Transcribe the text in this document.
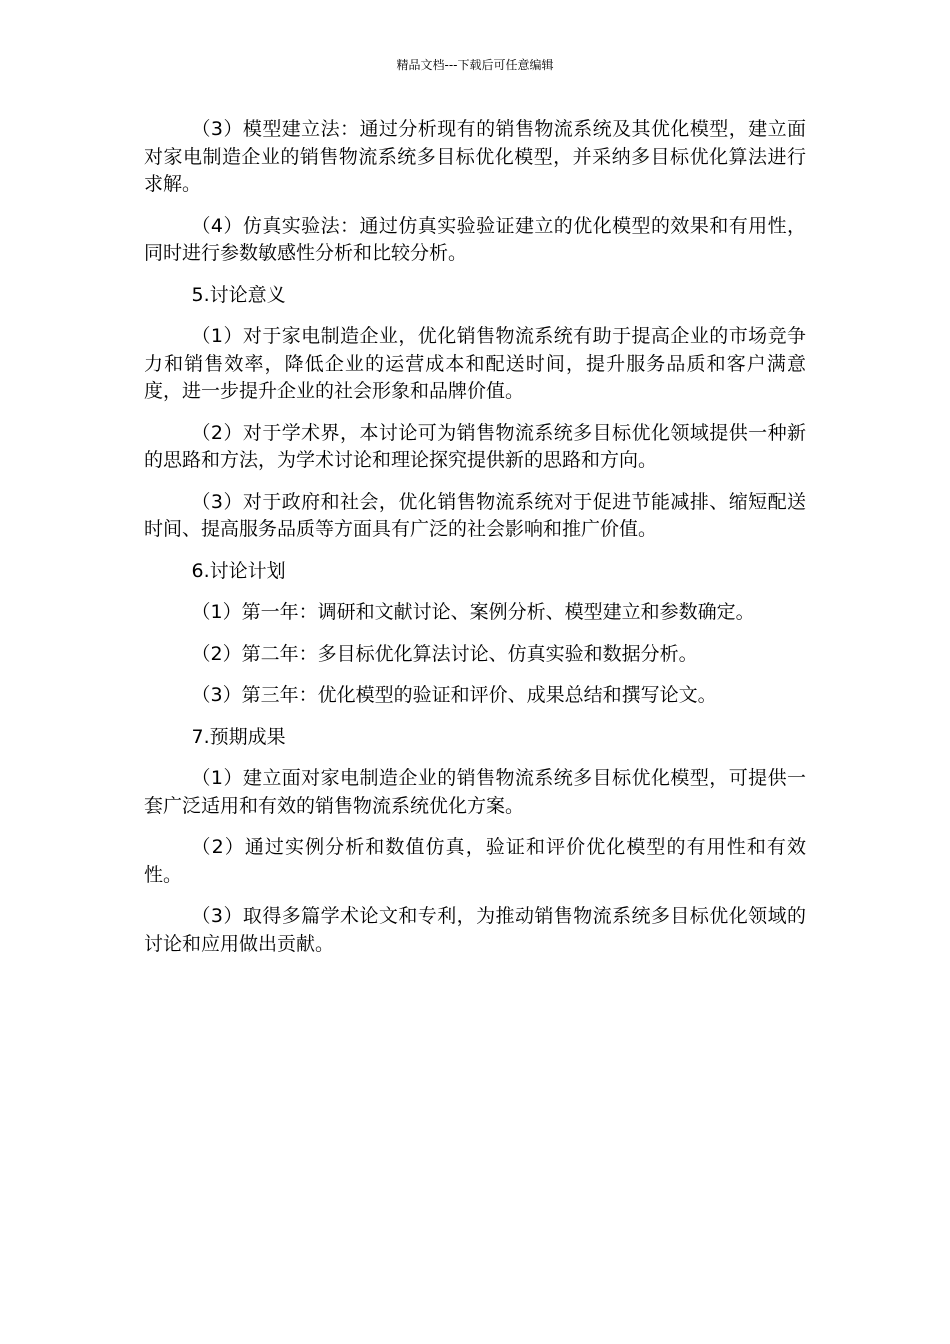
精品文档---下载后可任意编辑

（3）模型建立法：通过分析现有的销售物流系统及其优化模型，建立面对家电制造企业的销售物流系统多目标优化模型，并采纳多目标优化算法进行求解。

（4）仿真实验法：通过仿真实验验证建立的优化模型的效果和有用性，同时进行参数敏感性分析和比较分析。

5.讨论意义

（1）对于家电制造企业，优化销售物流系统有助于提高企业的市场竞争力和销售效率，降低企业的运营成本和配送时间，提升服务品质和客户满意度，进一步提升企业的社会形象和品牌价值。

（2）对于学术界，本讨论可为销售物流系统多目标优化领域提供一种新的思路和方法，为学术讨论和理论探究提供新的思路和方向。

（3）对于政府和社会，优化销售物流系统对于促进节能减排、缩短配送时间、提高服务品质等方面具有广泛的社会影响和推广价值。

6.讨论计划

（1）第一年：调研和文献讨论、案例分析、模型建立和参数确定。

（2）第二年：多目标优化算法讨论、仿真实验和数据分析。

（3）第三年：优化模型的验证和评价、成果总结和撰写论文。

7.预期成果

（1）建立面对家电制造企业的销售物流系统多目标优化模型，可提供一套广泛适用和有效的销售物流系统优化方案。

（2）通过实例分析和数值仿真，验证和评价优化模型的有用性和有效性。

（3）取得多篇学术论文和专利，为推动销售物流系统多目标优化领域的讨论和应用做出贡献。
